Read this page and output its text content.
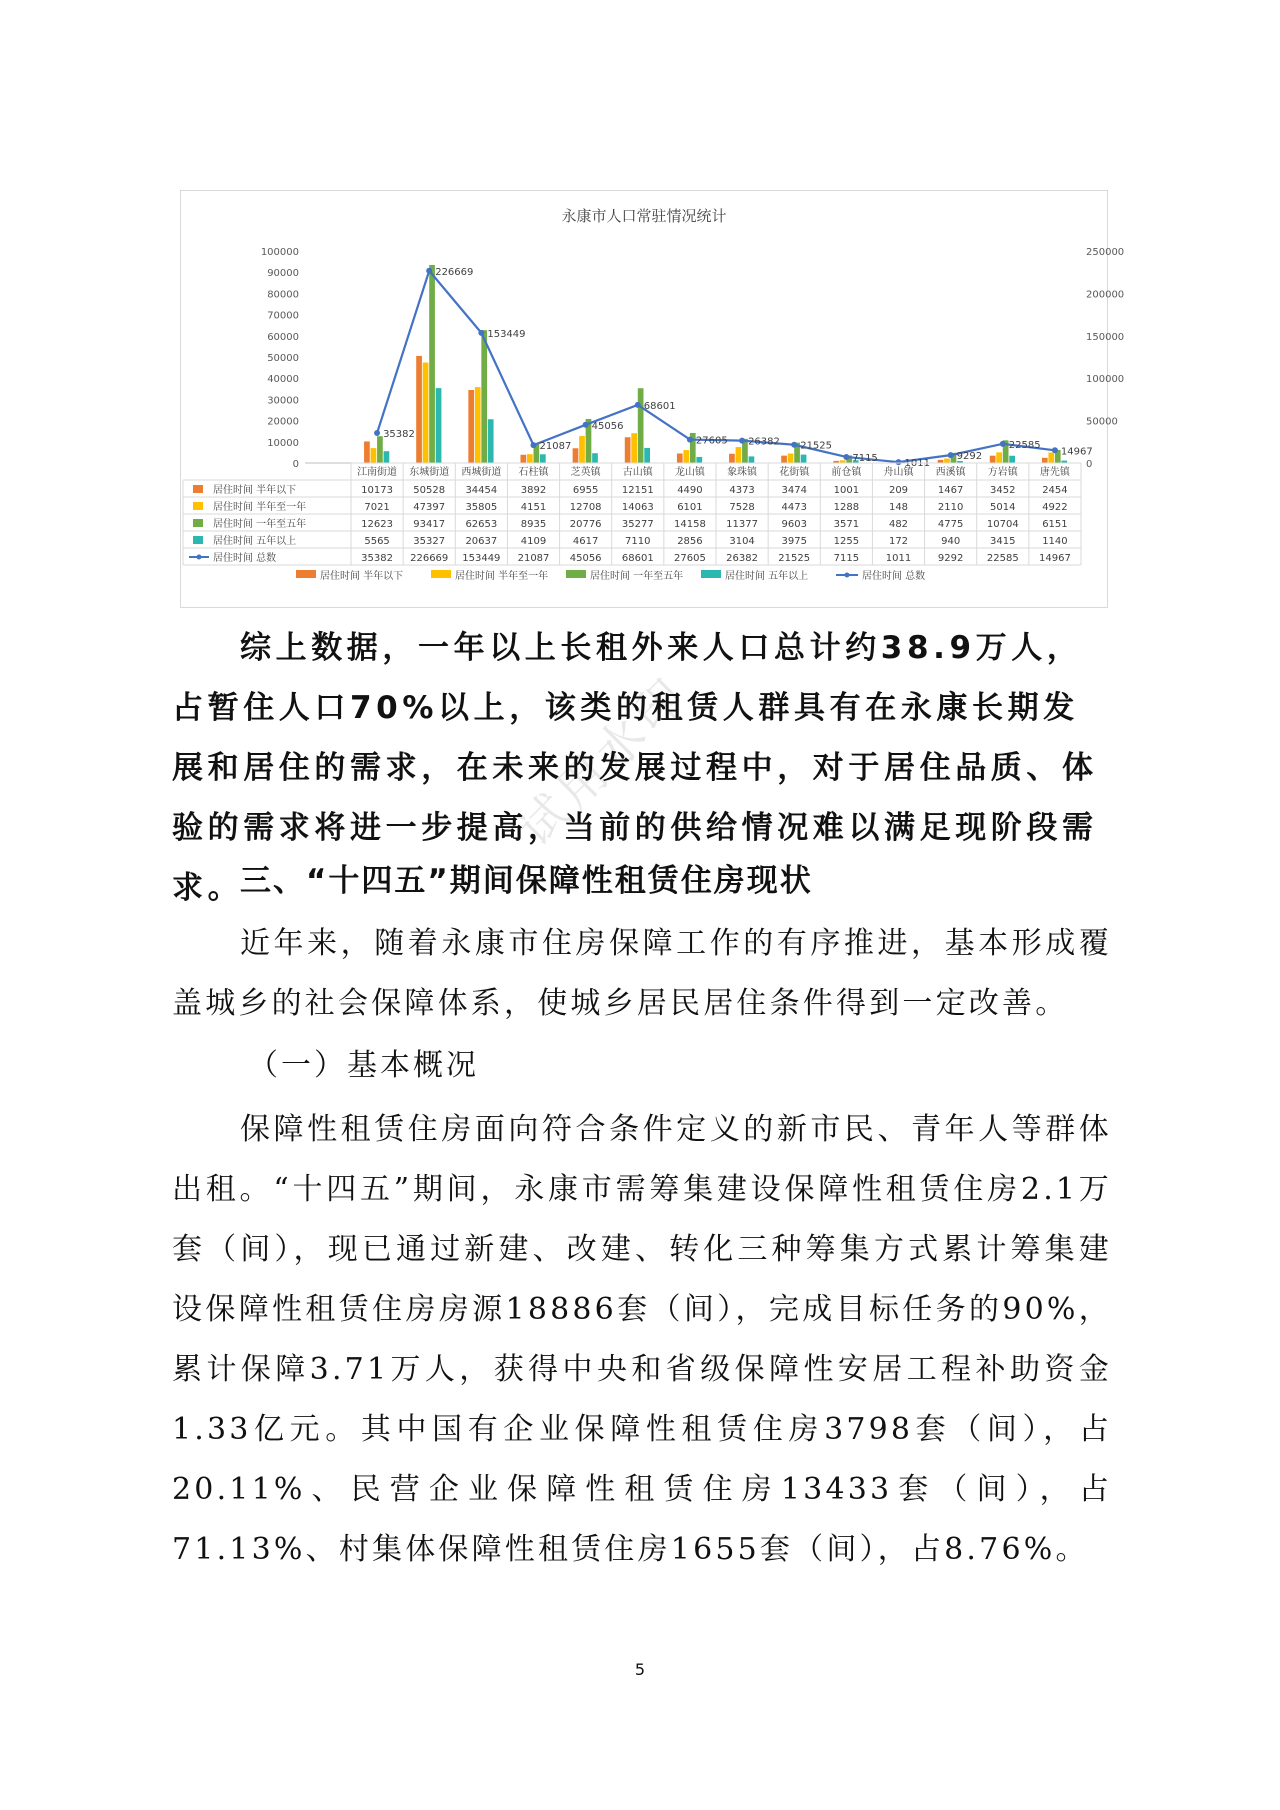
永康市人口常驻情况统计
0
10000
20000
30000
40000
50000
60000
70000
80000
90000
100000
0
50000
100000
150000
200000
250000
35382
226669
153449
21087
45056
68601
27605 26382 21525
7115	1011
9292
22585
14967
江南街道 东城街道 西城街道 石柱镇 芝英镇 古山镇 龙山镇 象珠镇 花街镇 前仓镇 舟山镇 西溪镇 方岩镇 唐先镇
居住时间 半年以下	10173 50528 34454 3892	6955 12151 4490	4373	3474	1001	209	1467	3452	2454
居住时间 半年至一年	7021 47397 35805 4151 12708 14063 6101	7528	4473	1288	148	2110	5014	4922
居住时间 一年至五年	12623 93417 62653 8935 20776 35277 14158 11377 9603	3571	482	4775 10704 6151
居住时间 五年以上	5565 35327 20637 4109	4617	7110	2856	3104	3975	1255	172	940	3415	1140
居住时间 总数	35382 226669 153449 21087 45056 68601 27605 26382 21525 7115	1011	9292 22585 14967
居住时间 半年以下	居住时间 半年至一年	居住时间 一年至五年	居住时间 五年以上	居住时间 总数
试用水印

综上数据，一年以上长租外来人口总计约38.9万人，占暂住人口70%以上，该类的租赁人群具有在永康长期发展和居住的需求，在未来的发展过程中，对于居住品质、体验的需求将进一步提高，当前的供给情况难以满足现阶段需求。

三、“十四五”期间保障性租赁住房现状

近年来，随着永康市住房保障工作的有序推进，基本形成覆盖城乡的社会保障体系，使城乡居民居住条件得到一定改善。

（一）基本概况

保障性租赁住房面向符合条件定义的新市民、青年人等群体出租。“十四五”期间，永康市需筹集建设保障性租赁住房2.1万套（间），现已通过新建、改建、转化三种筹集方式累计筹集建设保障性租赁住房房源18886套（间），完成目标任务的90%，累计保障3.71万人，获得中央和省级保障性安居工程补助资金1.33亿元。其中国有企业保障性租赁住房3798套（间），占20.11%、民营企业保障性租赁住房13433套（间），占71.13%、村集体保障性租赁住房1655套（间），占8.76%。

5
